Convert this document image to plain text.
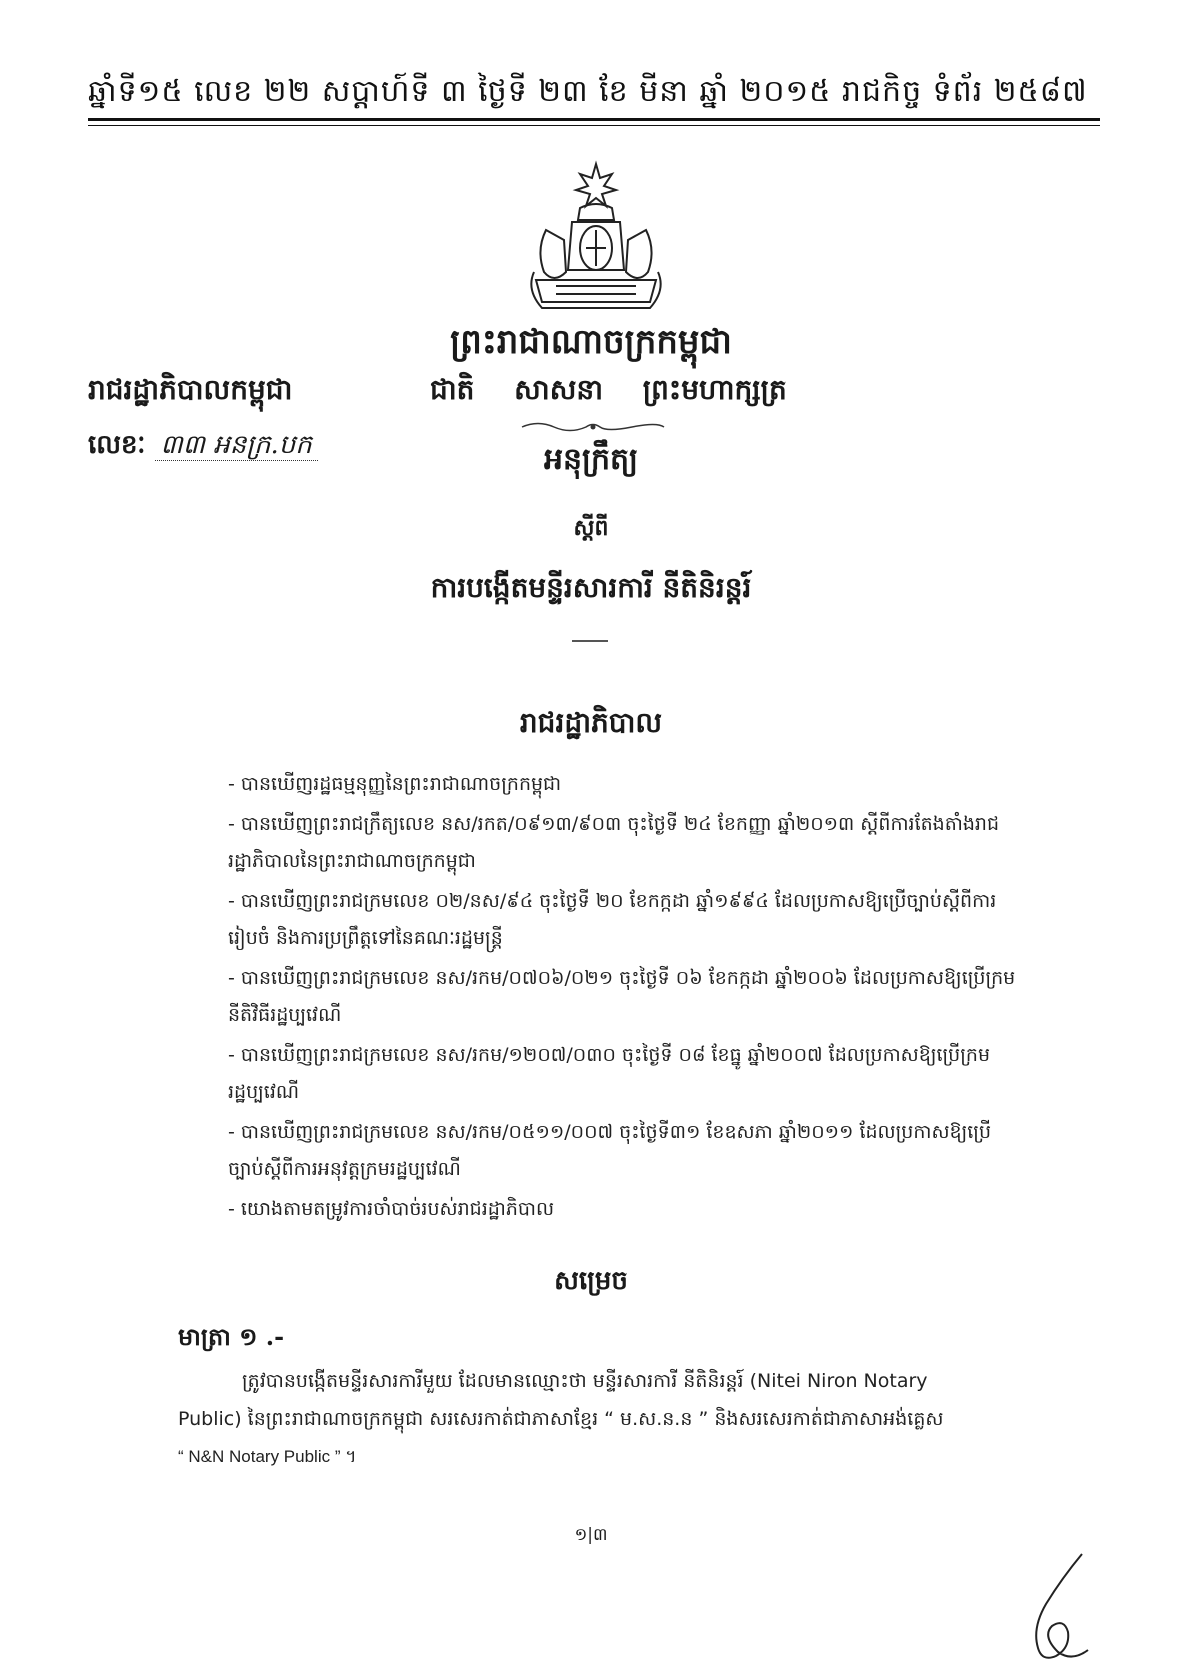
ឆ្នាំទី១៥ លេខ ២២ សប្តាហ៍ទី ៣ ថ្ងៃទី ២៣ ខែ មីនា ឆ្នាំ ២០១៥ រាជកិច្ច ទំព័រ ២៥៨៧
ព្រះរាជាណាចក្រកម្ពុជា
រាជរដ្ឋាភិបាលកម្ពុជា	ជាតិ សាសនា ព្រះមហាក្សត្រ
លេខៈ ៣៣ អនក្រ.បក	អនុក្រឹត្យ
ស្តីពី
ការបង្កើតមន្ទីរសារការី នីតិនិរន្តរ៍
រាជរដ្ឋាភិបាល
- បានឃើញរដ្ឋធម្មនុញ្ញនៃព្រះរាជាណាចក្រកម្ពុជា
- បានឃើញព្រះរាជក្រឹត្យលេខ នស/រកត/០៩១៣/៩០៣ ចុះថ្ងៃទី ២៤ ខែកញ្ញា ឆ្នាំ២០១៣ ស្តីពីការតែងតាំងរាជរដ្ឋាភិបាលនៃព្រះរាជាណាចក្រកម្ពុជា
- បានឃើញព្រះរាជក្រមលេខ ០២/នស/៩៤ ចុះថ្ងៃទី ២០ ខែកក្កដា ឆ្នាំ១៩៩៤ ដែលប្រកាសឱ្យប្រើច្បាប់ស្តីពីការរៀបចំ និងការប្រព្រឹត្តទៅនៃគណៈរដ្ឋមន្ត្រី
- បានឃើញព្រះរាជក្រមលេខ នស/រកម/០៧០៦/០២១ ចុះថ្ងៃទី ០៦ ខែកក្កដា ឆ្នាំ២០០៦ ដែលប្រកាសឱ្យប្រើក្រមនីតិវិធីរដ្ឋប្បវេណី
- បានឃើញព្រះរាជក្រមលេខ នស/រកម/១២០៧/០៣០ ចុះថ្ងៃទី ០៨ ខែធ្នូ ឆ្នាំ២០០៧ ដែលប្រកាសឱ្យប្រើក្រមរដ្ឋប្បវេណី
- បានឃើញព្រះរាជក្រមលេខ នស/រកម/០៥១១/០០៧ ចុះថ្ងៃទី៣១ ខែឧសភា ឆ្នាំ២០១១ ដែលប្រកាសឱ្យប្រើច្បាប់ស្តីពីការអនុវត្តក្រមរដ្ឋប្បវេណី
- យោងតាមតម្រូវការចាំបាច់របស់រាជរដ្ឋាភិបាល
សម្រេច
មាត្រា ១ .-
ត្រូវបានបង្កើតមន្ទីរសារការីមួយ ដែលមានឈ្មោះថា មន្ទីរសារការី នីតិនិរន្តរ៍ (Nitei Niron Notary
Public) នៃព្រះរាជាណាចក្រកម្ពុជា សរសេរកាត់ជាភាសាខ្មែរ “ ម.ស.ន.ន ” និងសរសេរកាត់ជាភាសាអង់គ្លេស
“ N&N Notary Public ” ។
១|៣
